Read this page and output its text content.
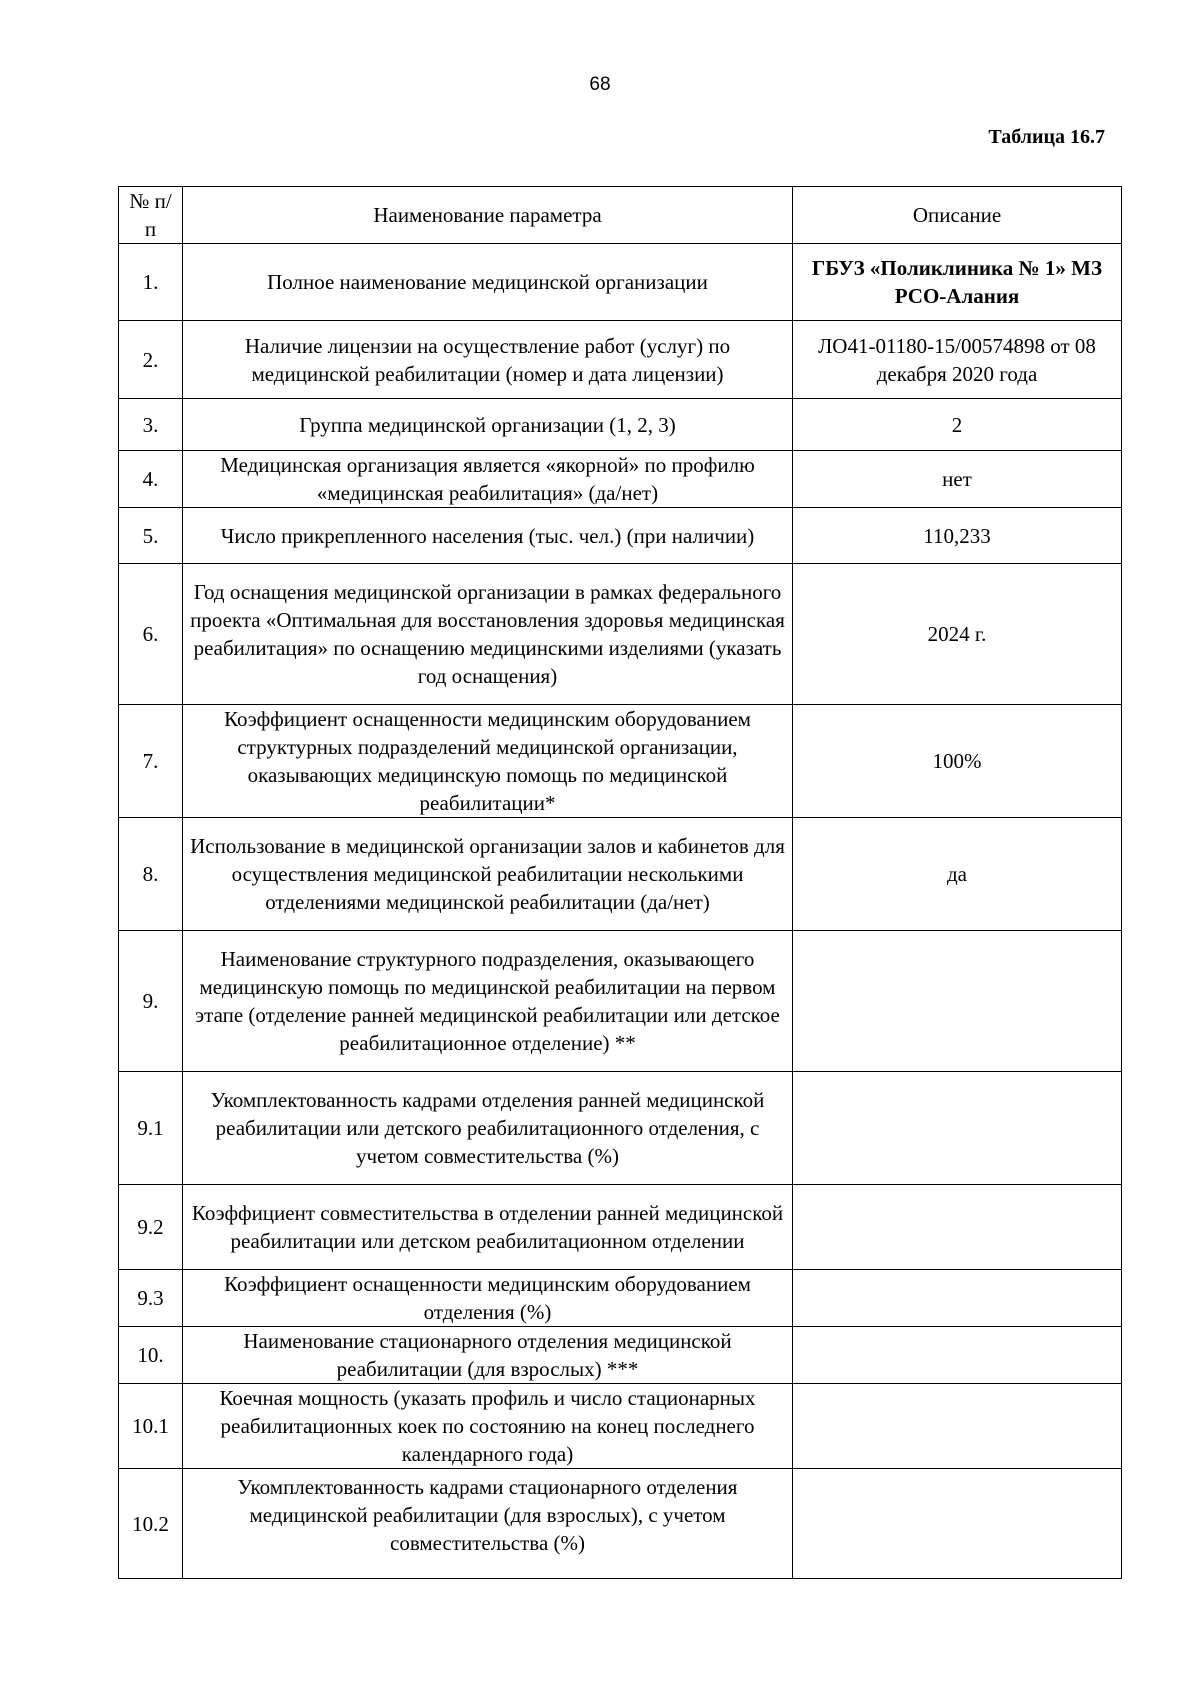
68
Таблица 16.7
№ п/п	Наименование параметра	Описание
1.	Полное наименование медицинской организации	ГБУЗ «Поликлиника № 1» МЗ РСО-Алания
2.	Наличие лицензии на осуществление работ (услуг) по медицинской реабилитации (номер и дата лицензии)	ЛО41-01180-15/00574898 от 08 декабря 2020 года
3.	Группа медицинской организации (1, 2, 3)	2
4.	Медицинская организация является «якорной» по профилю «медицинская реабилитация» (да/нет)	нет
5.	Число прикрепленного населения (тыс. чел.) (при наличии)	110,233
6.	Год оснащения медицинской организации в рамках федерального проекта «Оптимальная для восстановления здоровья медицинская реабилитация» по оснащению медицинскими изделиями (указать год оснащения)	2024 г.
7.	Коэффициент оснащенности медицинским оборудованием структурных подразделений медицинской организации, оказывающих медицинскую помощь по медицинской реабилитации*	100%
8.	Использование в медицинской организации залов и кабинетов для осуществления медицинской реабилитации несколькими отделениями медицинской реабилитации (да/нет)	да
9.	Наименование структурного подразделения, оказывающего медицинскую помощь по медицинской реабилитации на первом этапе (отделение ранней медицинской реабилитации или детское реабилитационное отделение) **	
9.1	Укомплектованность кадрами отделения ранней медицинской реабилитации или детского реабилитационного отделения, с учетом совместительства (%)	
9.2	Коэффициент совместительства в отделении ранней медицинской реабилитации или детском реабилитационном отделении	
9.3	Коэффициент оснащенности медицинским оборудованием отделения (%)	
10.	Наименование стационарного отделения медицинской реабилитации (для взрослых) ***	
10.1	Коечная мощность (указать профиль и число стационарных реабилитационных коек по состоянию на конец последнего календарного года)	
10.2	Укомплектованность кадрами стационарного отделения медицинской реабилитации (для взрослых), с учетом совместительства (%)	
